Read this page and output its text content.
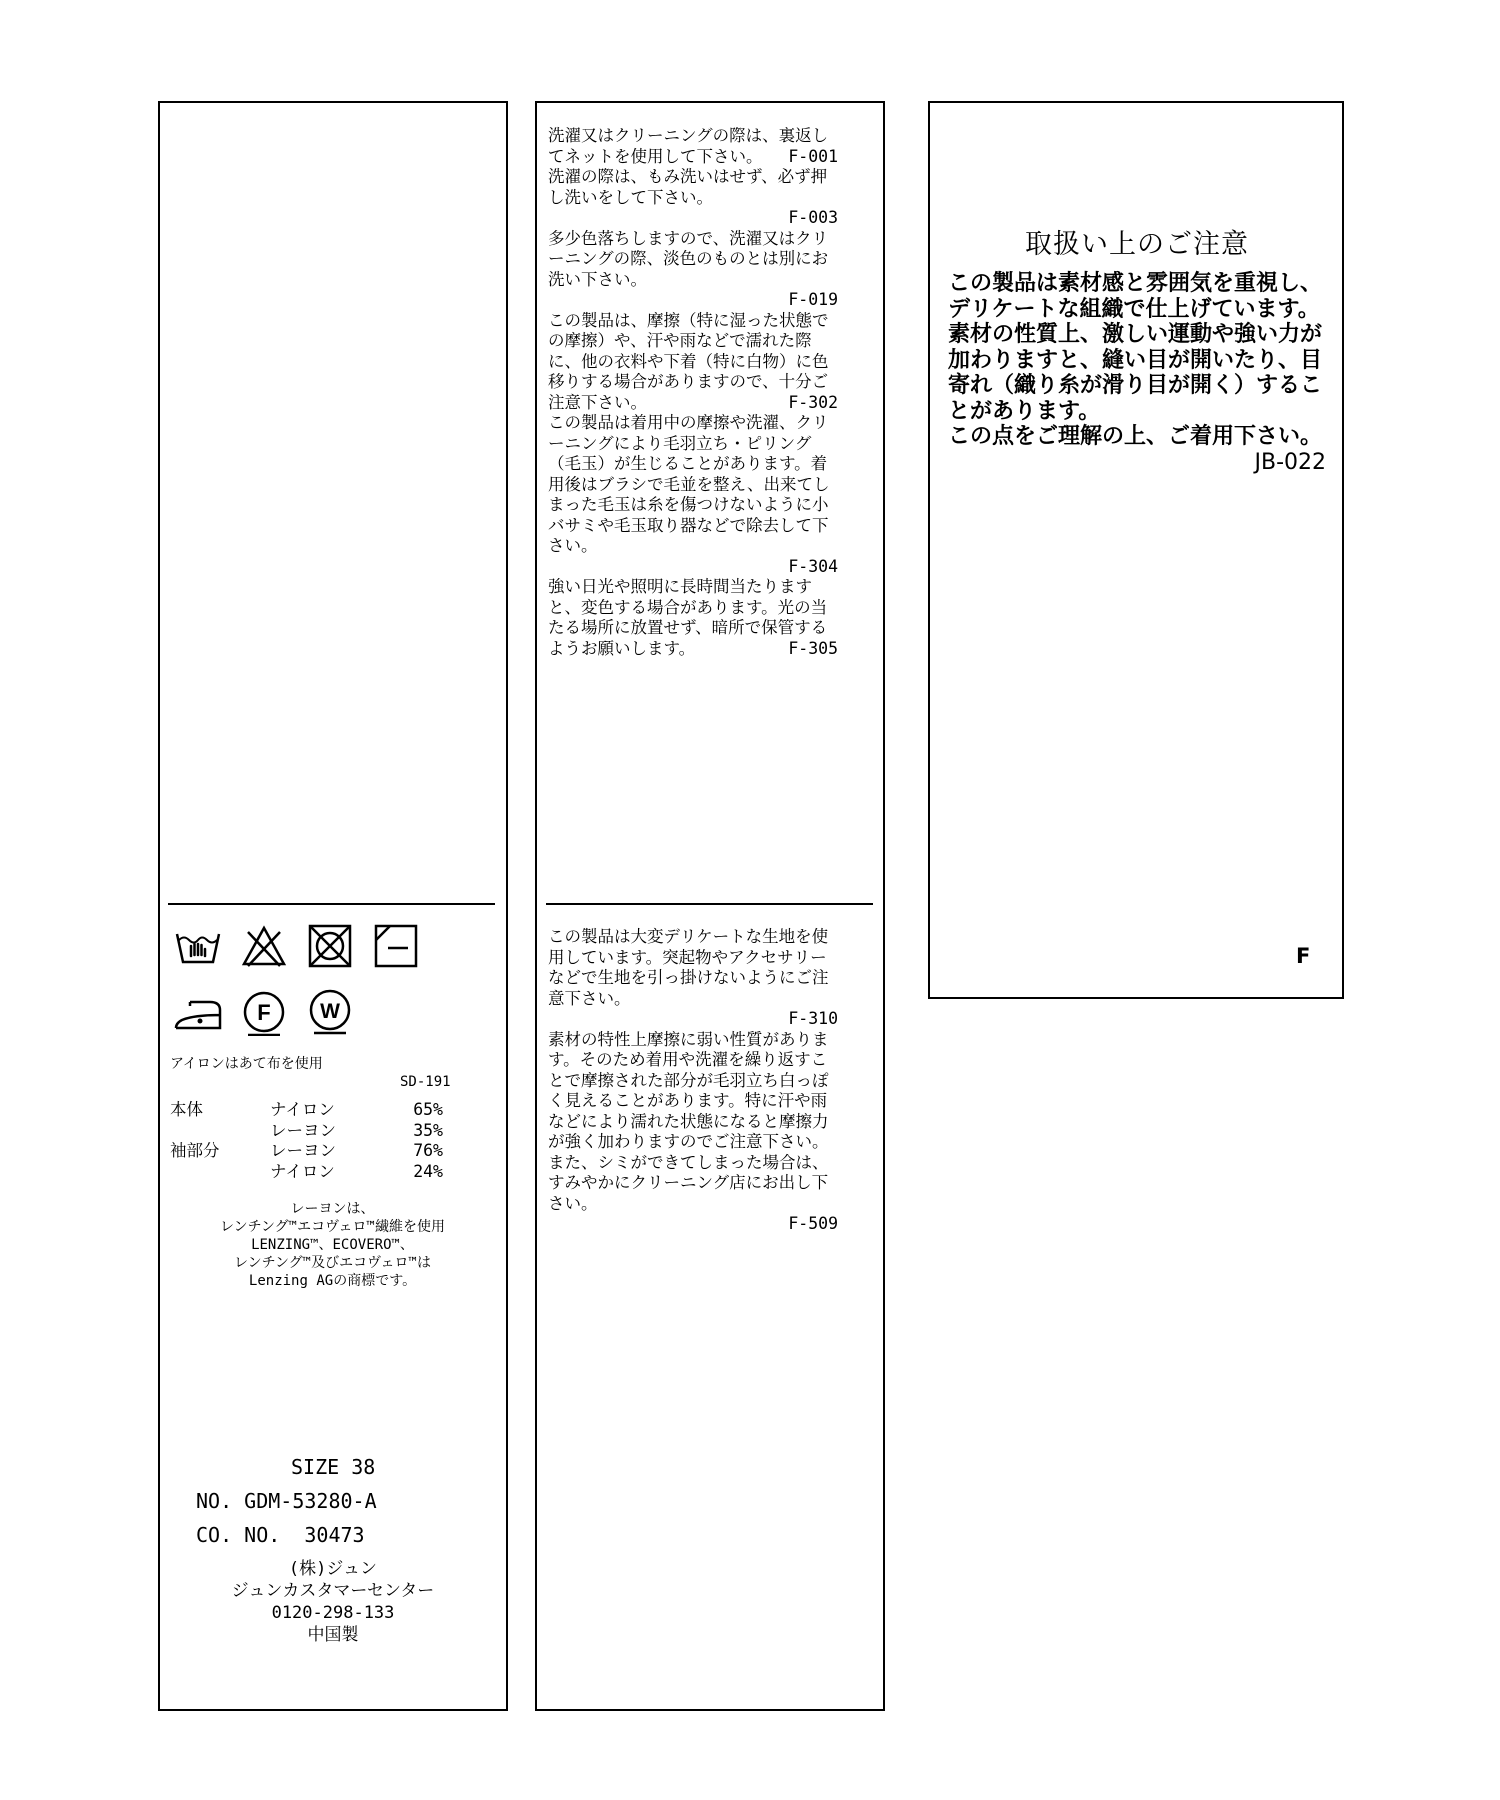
洗濯又はクリーニングの際は、裏返してネットを使用して下さい。 F-001
洗濯の際は、もみ洗いはせず、必ず押し洗いをして下さい。
F-003
多少色落ちしますので、洗濯又はクリーニングの際、淡色のものとは別にお洗い下さい。
F-019
この製品は、摩擦（特に湿った状態での摩擦）や、汗や雨などで濡れた際に、他の衣料や下着（特に白物）に色移りする場合がありますので、十分ご注意下さい。	F-302
この製品は着用中の摩擦や洗濯、クリーニングにより毛羽立ち・ピリング（毛玉）が生じることがあります。着用後はブラシで毛並を整え、出来てしまった毛玉は糸を傷つけないように小バサミや毛玉取り器などで除去して下さい。
F-304
強い日光や照明に長時間当たりますと、変色する場合があります。光の当たる場所に放置せず、暗所で保管するようお願いします。	F-305
この製品は大変デリケートな生地を使用しています。突起物やアクセサリーなどで生地を引っ掛けないようにご注意下さい。
F-310
素材の特性上摩擦に弱い性質があります。そのため着用や洗濯を繰り返すことで摩擦された部分が毛羽立ち白っぽく見えることがあります。特に汗や雨などにより濡れた状態になると摩擦力が強く加わりますのでご注意下さい。また、シミができてしまった場合は、すみやかにクリーニング店にお出し下さい。
F-509
F W
アイロンはあて布を使用
SD-191
本体	ナイロン	65%
	レーヨン	35%
袖部分	レーヨン	76%
	ナイロン	24%
レーヨンは、
レンチング™エコヴェロ™繊維を使用
LENZING™、ECOVERO™、
レンチング™及びエコヴェロ™は
Lenzing AGの商標です。
SIZE 38
NO. GDM-53280-A
CO. NO.  30473
(株)ジュン
ジュンカスタマーセンター
0120-298-133
中国製
取扱い上のご注意

この製品は素材感と雰囲気を重視し、デリケートな組織で仕上げています。素材の性質上、激しい運動や強い力が加わりますと、縫い目が開いたり、目寄れ（織り糸が滑り目が開く）することがあります。

この点をご理解の上、ご着用下さい。
JB-022

F
